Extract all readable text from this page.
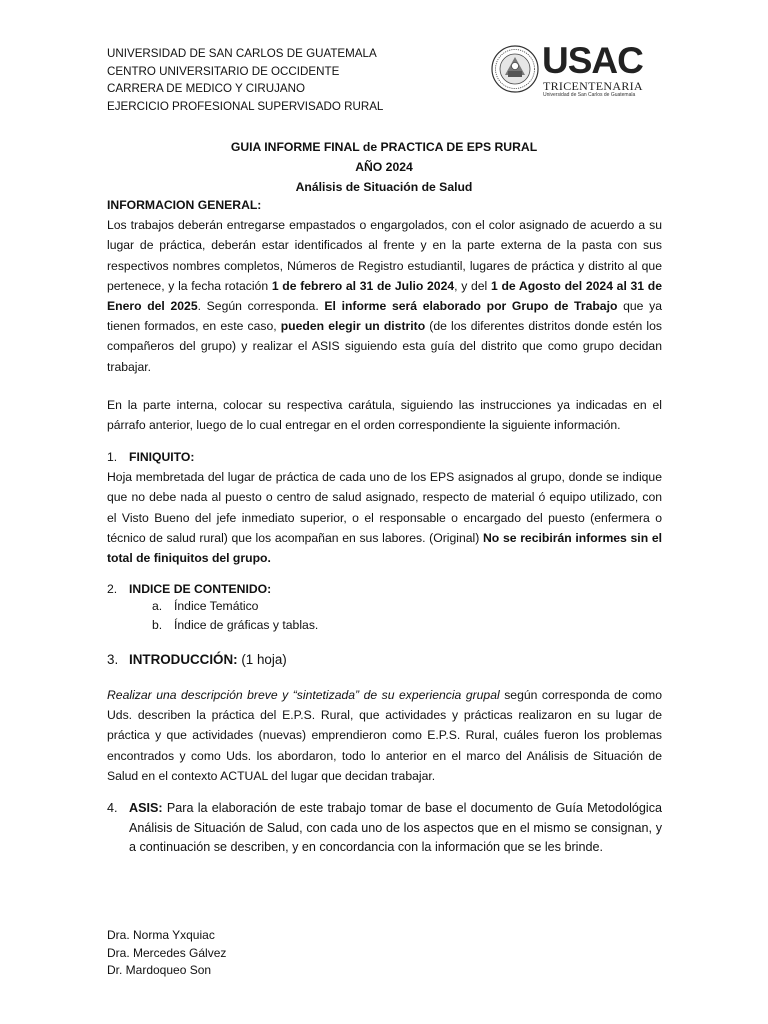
UNIVERSIDAD DE SAN CARLOS DE GUATEMALA
CENTRO UNIVERSITARIO DE OCCIDENTE
CARRERA DE MEDICO Y CIRUJANO
EJERCICIO PROFESIONAL SUPERVISADO RURAL
USAC
TRICENTENARIA
Universidad de San Carlos de Guatemala
GUIA INFORME FINAL de PRACTICA DE EPS RURAL
AÑO 2024
Análisis de Situación de Salud
INFORMACION GENERAL:
Los trabajos deberán entregarse empastados o engargolados, con el color asignado de acuerdo a su lugar de práctica, deberán estar identificados al frente y en la parte externa de la pasta con sus respectivos nombres completos, Números de Registro estudiantil, lugares de práctica y distrito al que pertenece, y la fecha rotación 1 de febrero al 31 de Julio 2024, y del 1 de Agosto del 2024 al 31 de Enero del 2025. Según corresponda. El informe será elaborado por Grupo de Trabajo que ya tienen formados, en este caso, pueden elegir un distrito (de los diferentes distritos donde estén los compañeros del grupo) y realizar el ASIS siguiendo esta guía del distrito que como grupo decidan trabajar.
En la parte interna, colocar su respectiva carátula, siguiendo las instrucciones ya indicadas en el párrafo anterior, luego de lo cual entregar en el orden correspondiente la siguiente información.
1. FINIQUITO:
Hoja membretada del lugar de práctica de cada uno de los EPS asignados al grupo, donde se indique que no debe nada al puesto o centro de salud asignado, respecto de material ó equipo utilizado, con el Visto Bueno del jefe inmediato superior, o el responsable o encargado del puesto (enfermera o técnico de salud rural) que los acompañan en sus labores. (Original) No se recibirán informes sin el total de finiquitos del grupo.
2. INDICE DE CONTENIDO:
a. Índice Temático
b. Índice de gráficas y tablas.
3. INTRODUCCIÓN: (1 hoja)
Realizar una descripción breve y “sintetizada” de su experiencia grupal según corresponda de como Uds. describen la práctica del E.P.S. Rural, que actividades y prácticas realizaron en su lugar de práctica y que actividades (nuevas) emprendieron como E.P.S. Rural, cuáles fueron los problemas encontrados y como Uds. los abordaron, todo lo anterior en el marco del Análisis de Situación de Salud en el contexto ACTUAL del lugar que decidan trabajar.
4. ASIS: Para la elaboración de este trabajo tomar de base el documento de Guía Metodológica Análisis de Situación de Salud, con cada uno de los aspectos que en el mismo se consignan, y a continuación se describen, y en concordancia con la información que se les brinde.
Dra. Norma Yxquiac
Dra. Mercedes Gálvez
Dr. Mardoqueo Son
